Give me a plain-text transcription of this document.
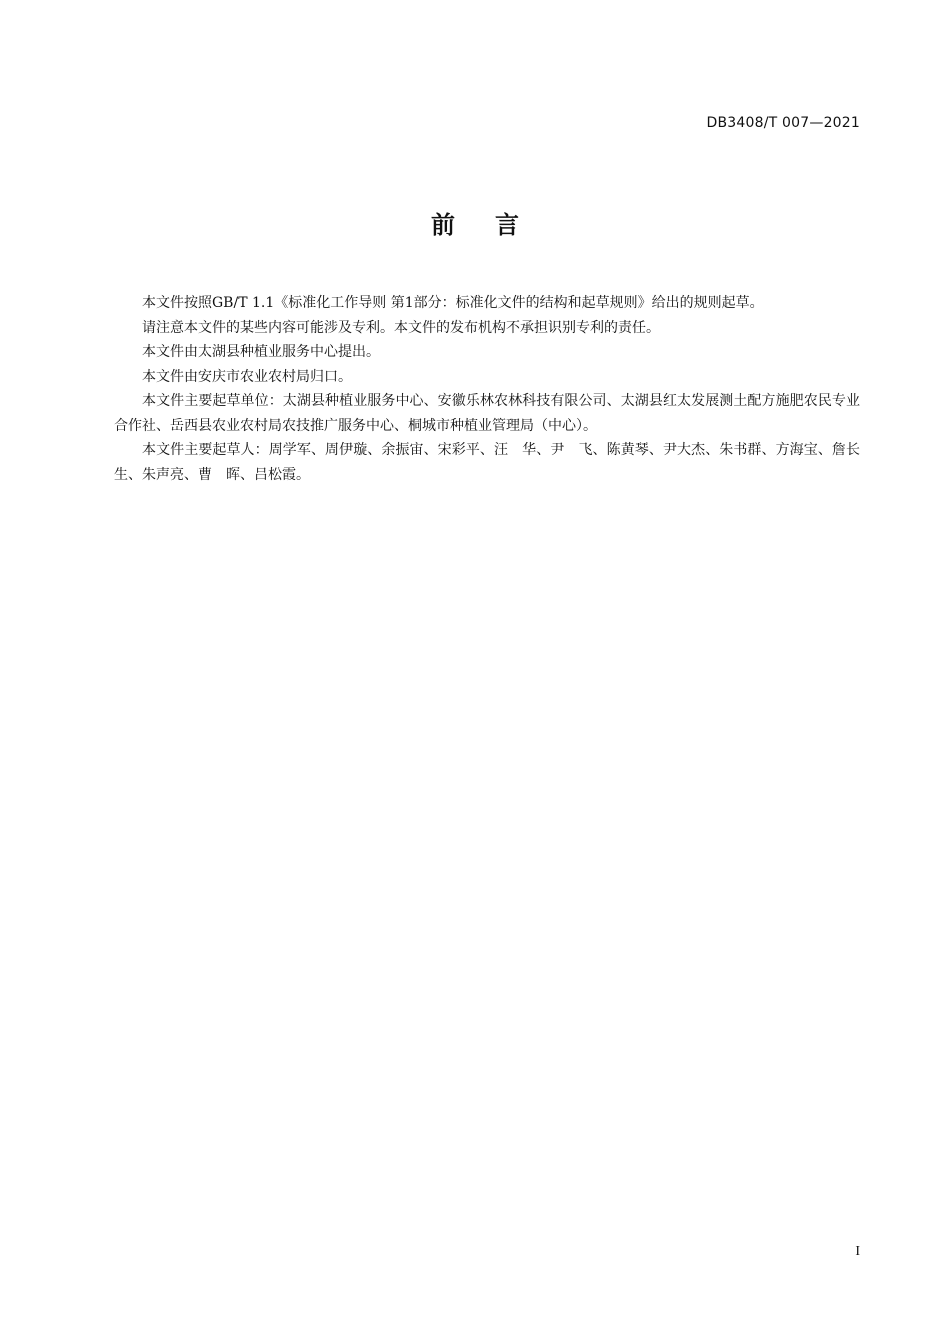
DB3408/T 007—2021
前言

本文件按照GB/T 1.1《标准化工作导则 第1部分：标准化文件的结构和起草规则》给出的规则起草。

请注意本文件的某些内容可能涉及专利。本文件的发布机构不承担识别专利的责任。

本文件由太湖县种植业服务中心提出。

本文件由安庆市农业农村局归口。

本文件主要起草单位：太湖县种植业服务中心、安徽乐林农林科技有限公司、太湖县红太发展测土配方施肥农民专业合作社、岳西县农业农村局农技推广服务中心、桐城市种植业管理局（中心）。

本文件主要起草人：周学军、周伊璇、余振宙、宋彩平、汪　华、尹　飞、陈黄琴、尹大杰、朱书群、方海宝、詹长生、朱声亮、曹　晖、吕松霞。

I
